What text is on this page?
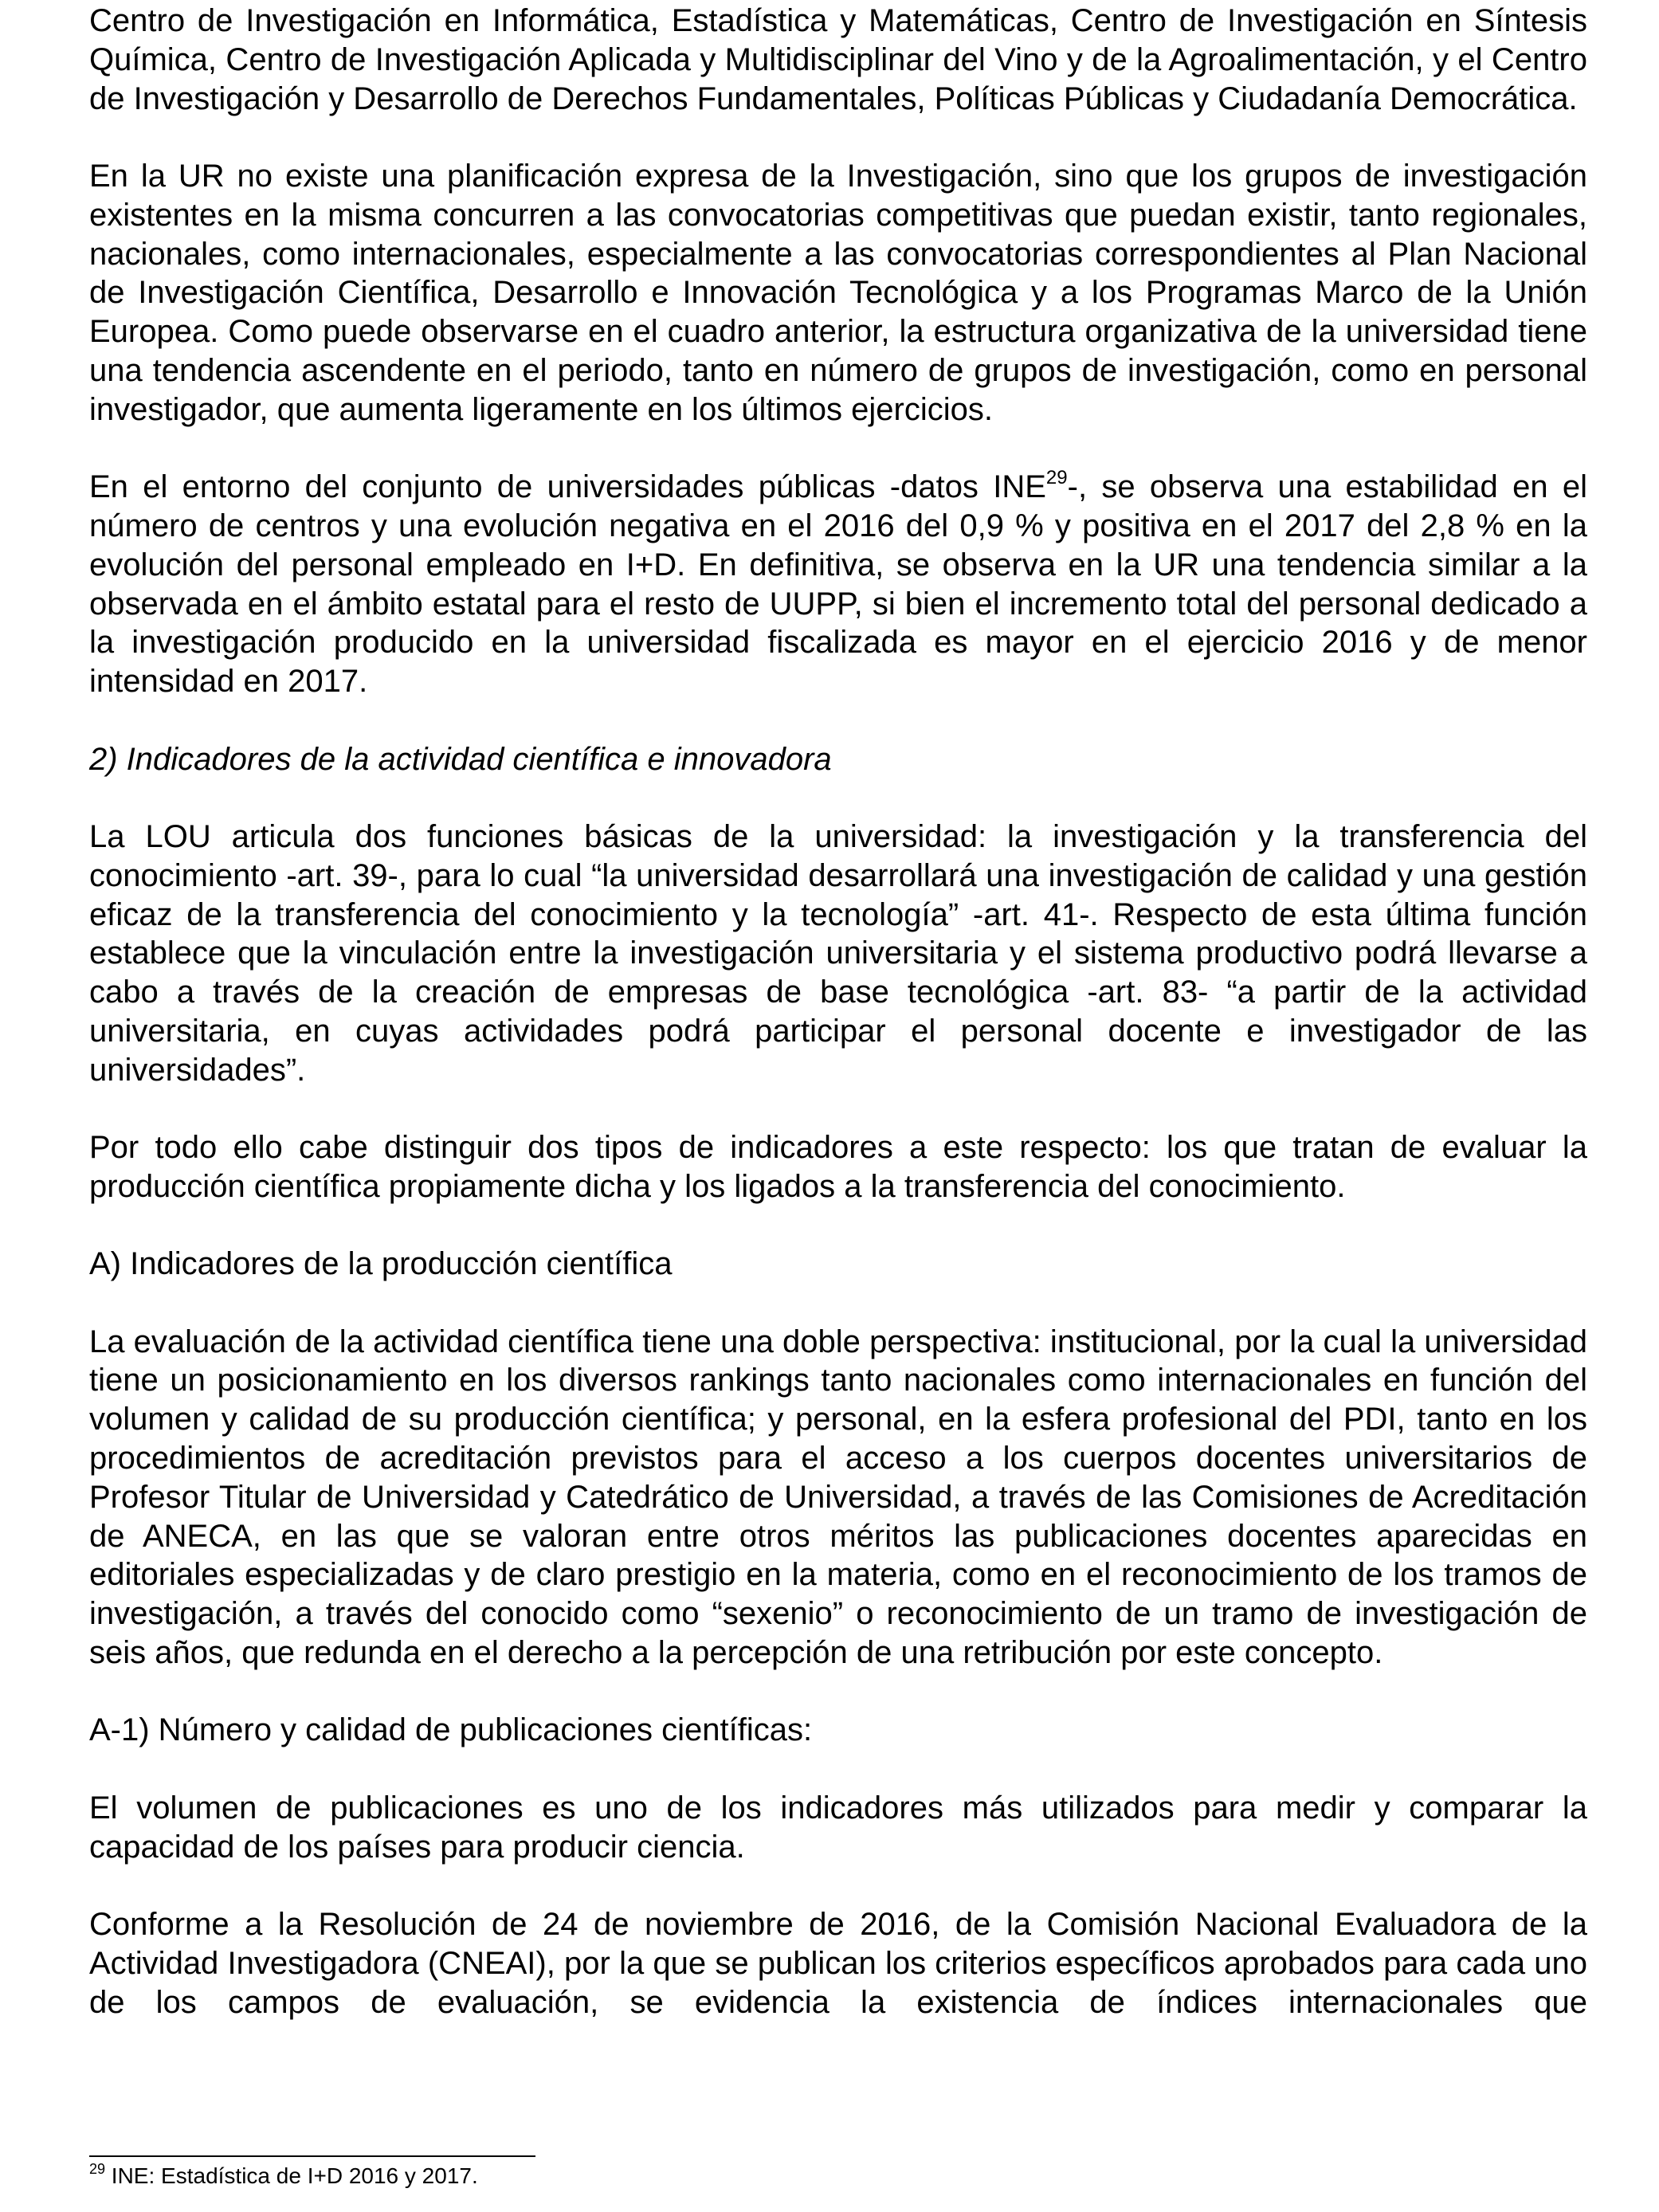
Centro de Investigación en Informática, Estadística y Matemáticas, Centro de Investigación en Síntesis Química, Centro de Investigación Aplicada y Multidisciplinar del Vino y de la Agroalimentación, y el Centro de Investigación y Desarrollo de Derechos Fundamentales, Políticas Públicas y Ciudadanía Democrática.

En la UR no existe una planificación expresa de la Investigación, sino que los grupos de investigación existentes en la misma concurren a las convocatorias competitivas que puedan existir, tanto regionales, nacionales, como internacionales, especialmente a las convocatorias correspondientes al Plan Nacional de Investigación Científica, Desarrollo e Innovación Tecnológica y a los Programas Marco de la Unión Europea. Como puede observarse en el cuadro anterior, la estructura organizativa de la universidad tiene una tendencia ascendente en el periodo, tanto en número de grupos de investigación, como en personal investigador, que aumenta ligeramente en los últimos ejercicios.

En el entorno del conjunto de universidades públicas -datos INE$^{29}$-, se observa una estabilidad en el número de centros y una evolución negativa en el 2016 del 0,9 % y positiva en el 2017 del 2,8 % en la evolución del personal empleado en I+D. En definitiva, se observa en la UR una tendencia similar a la observada en el ámbito estatal para el resto de UUPP, si bien el incremento total del personal dedicado a la investigación producido en la universidad fiscalizada es mayor en el ejercicio 2016 y de menor intensidad en 2017.

2) Indicadores de la actividad científica e innovadora

La LOU articula dos funciones básicas de la universidad: la investigación y la transferencia del conocimiento -art. 39-, para lo cual “la universidad desarrollará una investigación de calidad y una gestión eficaz de la transferencia del conocimiento y la tecnología” -art. 41-. Respecto de esta última función establece que la vinculación entre la investigación universitaria y el sistema productivo podrá llevarse a cabo a través de la creación de empresas de base tecnológica -art. 83- “a partir de la actividad universitaria, en cuyas actividades podrá participar el personal docente e investigador de las universidades”.

Por todo ello cabe distinguir dos tipos de indicadores a este respecto: los que tratan de evaluar la producción científica propiamente dicha y los ligados a la transferencia del conocimiento.

A) Indicadores de la producción científica

La evaluación de la actividad científica tiene una doble perspectiva: institucional, por la cual la universidad tiene un posicionamiento en los diversos rankings tanto nacionales como internacionales en función del volumen y calidad de su producción científica; y personal, en la esfera profesional del PDI, tanto en los procedimientos de acreditación previstos para el acceso a los cuerpos docentes universitarios de Profesor Titular de Universidad y Catedrático de Universidad, a través de las Comisiones de Acreditación de ANECA, en las que se valoran entre otros méritos las publicaciones docentes aparecidas en editoriales especializadas y de claro prestigio en la materia, como en el reconocimiento de los tramos de investigación, a través del conocido como “sexenio” o reconocimiento de un tramo de investigación de seis años, que redunda en el derecho a la percepción de una retribución por este concepto.

A-1) Número y calidad de publicaciones científicas:

El volumen de publicaciones es uno de los indicadores más utilizados para medir y comparar la capacidad de los países para producir ciencia.

Conforme a la Resolución de 24 de noviembre de 2016, de la Comisión Nacional Evaluadora de la Actividad Investigadora (CNEAI), por la que se publican los criterios específicos aprobados para cada uno de los campos de evaluación, se evidencia la existencia de índices internacionales que

$^{29}$ INE: Estadística de I+D 2016 y 2017.
